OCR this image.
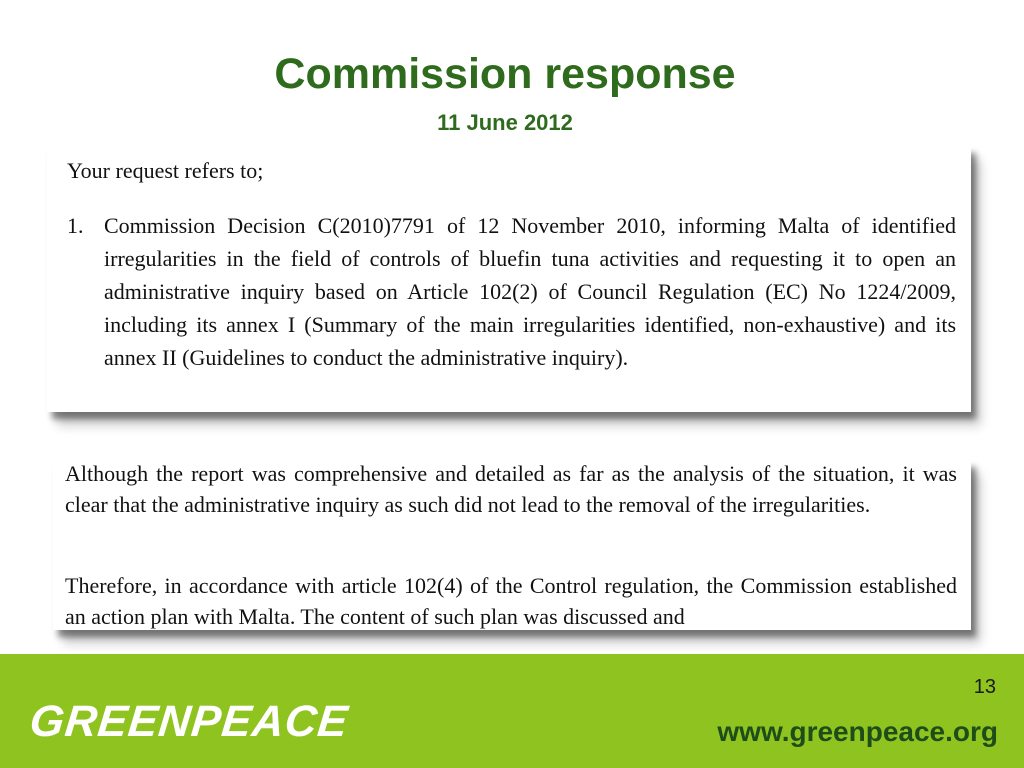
Commission response
11 June 2012
Your request refers to;
1. Commission Decision C(2010)7791 of 12 November 2010, informing Malta of identified irregularities in the field of controls of bluefin tuna activities and requesting it to open an administrative inquiry based on Article 102(2) of Council Regulation (EC) No 1224/2009, including its annex I (Summary of the main irregularities identified, non-exhaustive) and its annex II (Guidelines to conduct the administrative inquiry).
Although the report was comprehensive and detailed as far as the analysis of the situation, it was clear that the administrative inquiry as such did not lead to the removal of the irregularities.
Therefore, in accordance with article 102(4) of the Control regulation, the Commission established an action plan with Malta. The content of such plan was discussed and
GREENPEACE
13
www.greenpeace.org
